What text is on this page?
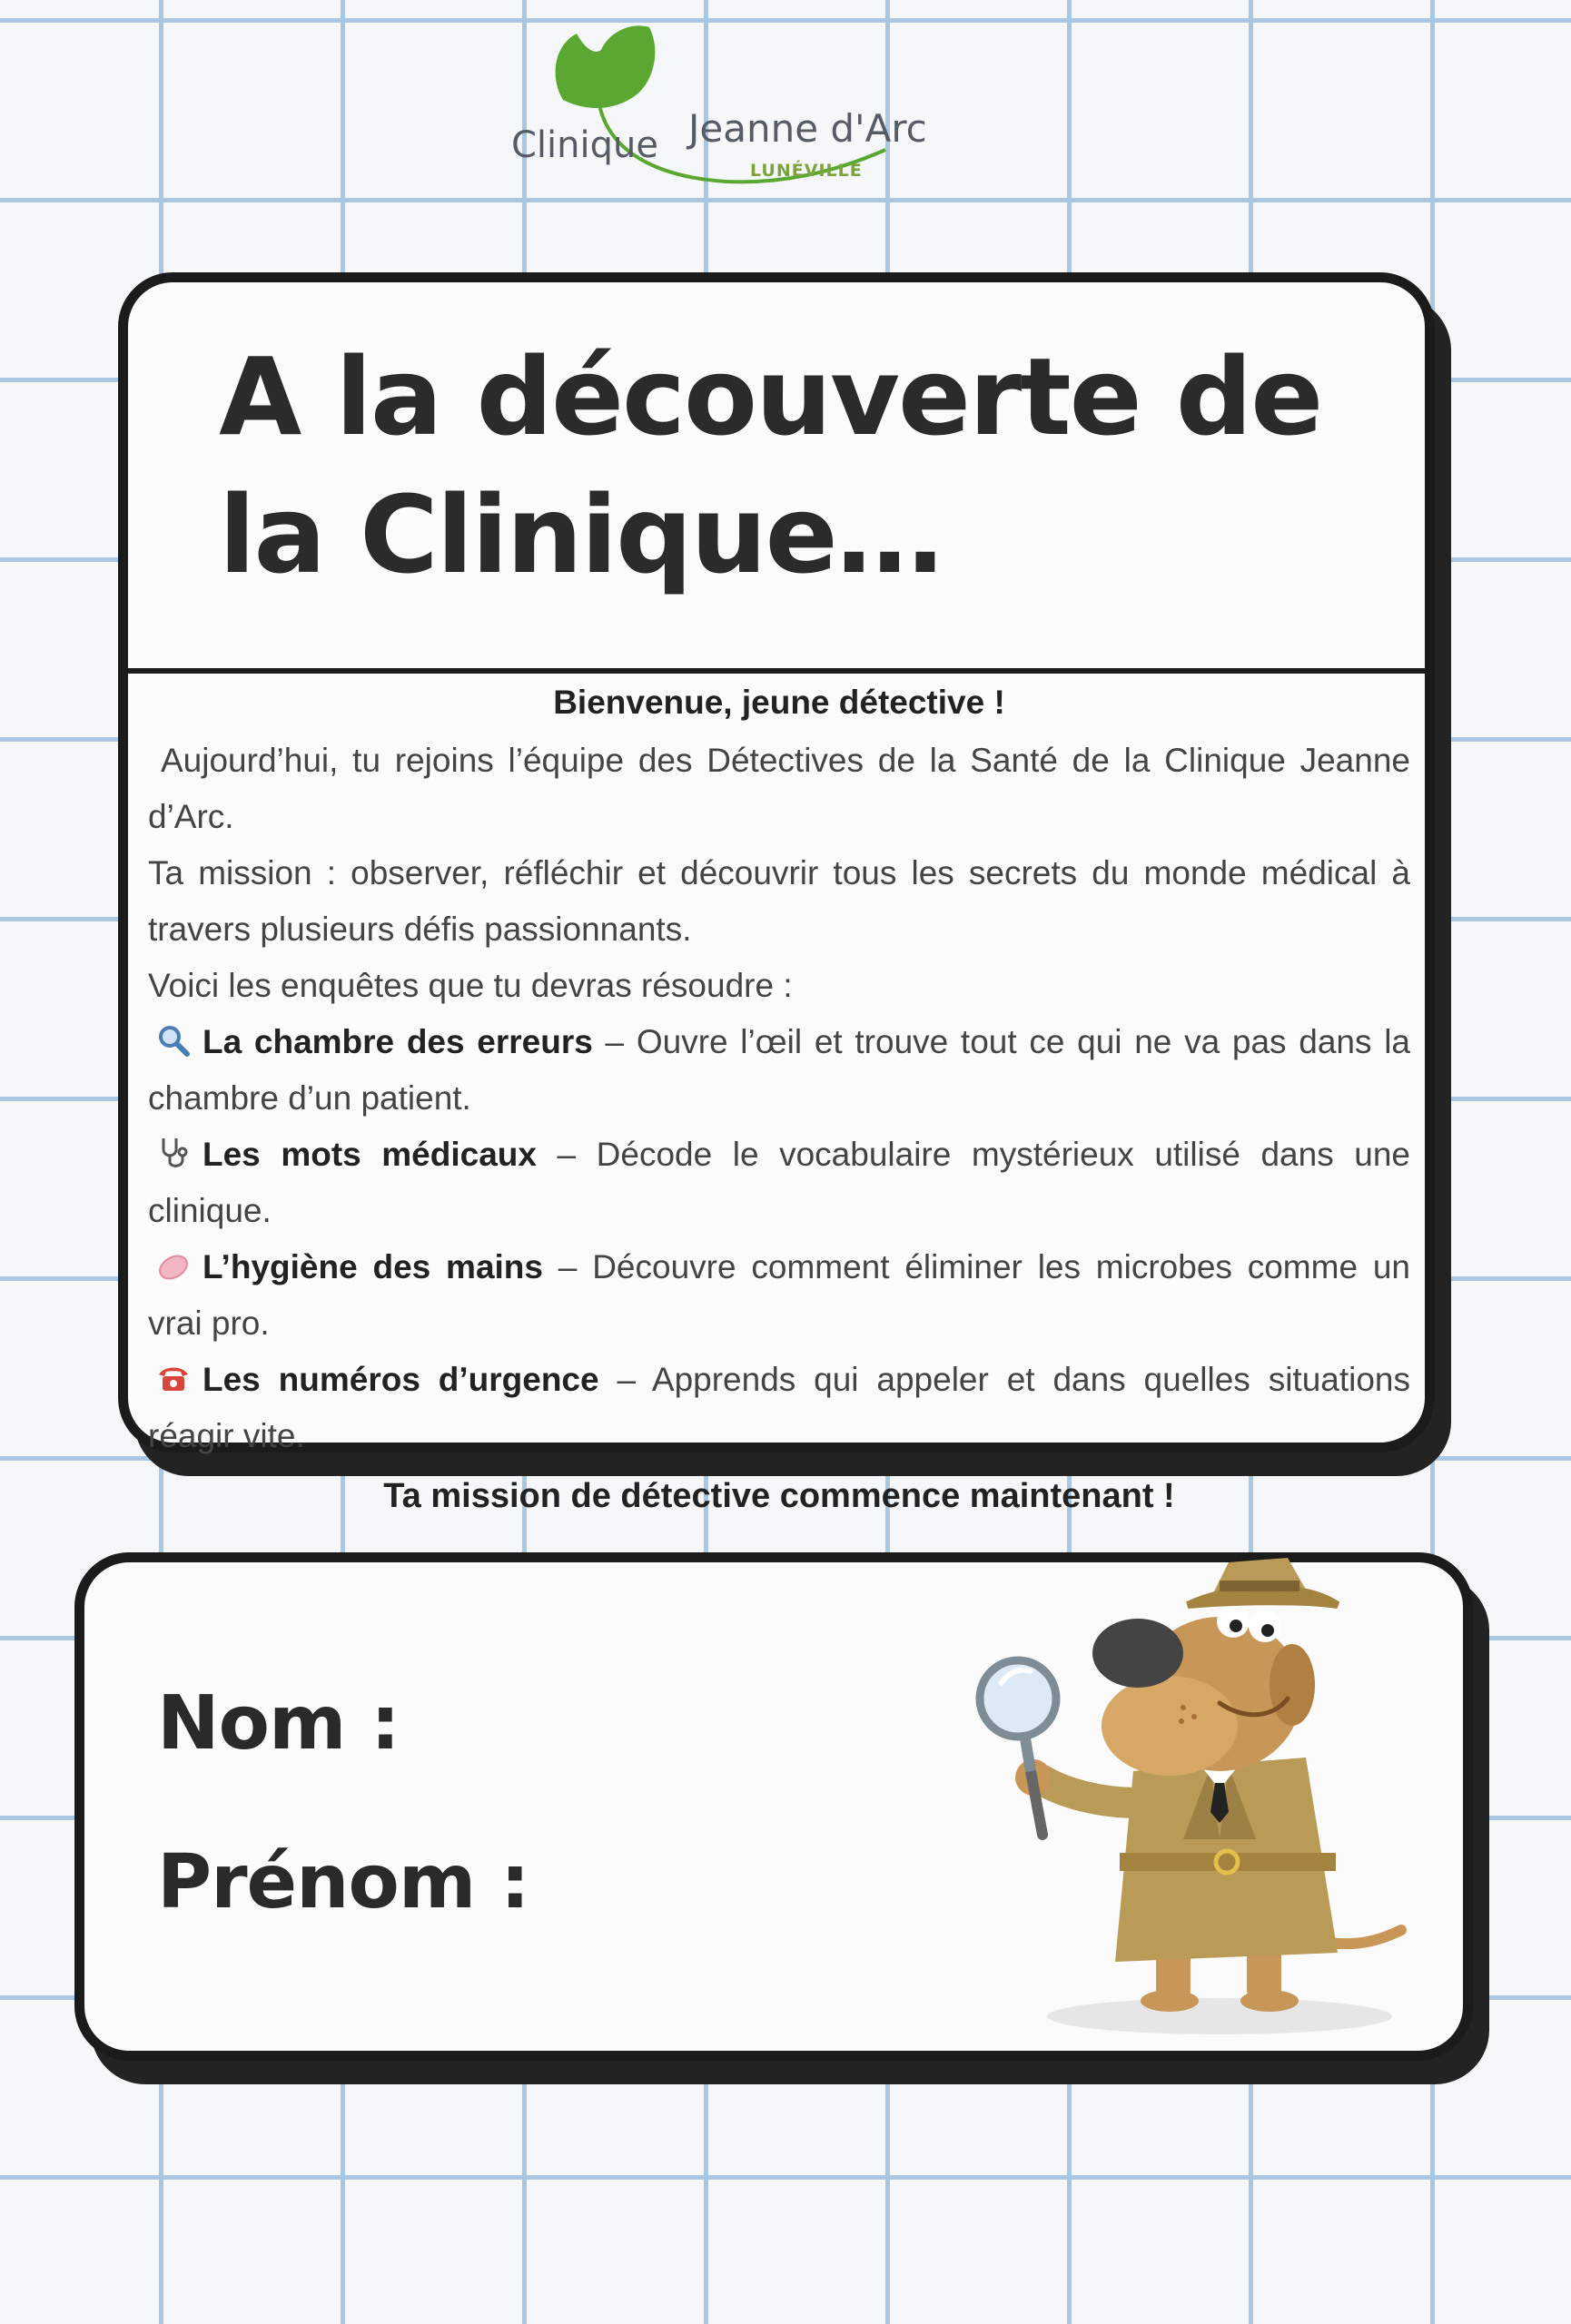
Clinique Jeanne d'Arc
LUNÉVILLE
A la découverte de la Clinique…
Bienvenue, jeune détective !

Aujourd’hui, tu rejoins l’équipe des Détectives de la Santé de la Clinique Jeanne d’Arc.

Ta mission : observer, réfléchir et découvrir tous les secrets du monde médical à travers plusieurs défis passionnants.

Voici les enquêtes que tu devras résoudre :

La chambre des erreurs – Ouvre l’œil et trouve tout ce qui ne va pas dans la chambre d’un patient.

Les mots médicaux – Décode le vocabulaire mystérieux utilisé dans une clinique.

L’hygiène des mains – Découvre comment éliminer les microbes comme un vrai pro.

Les numéros d’urgence – Apprends qui appeler et dans quelles situations réagir vite.

Ta mission de détective commence maintenant !
Nom :
Prénom :
